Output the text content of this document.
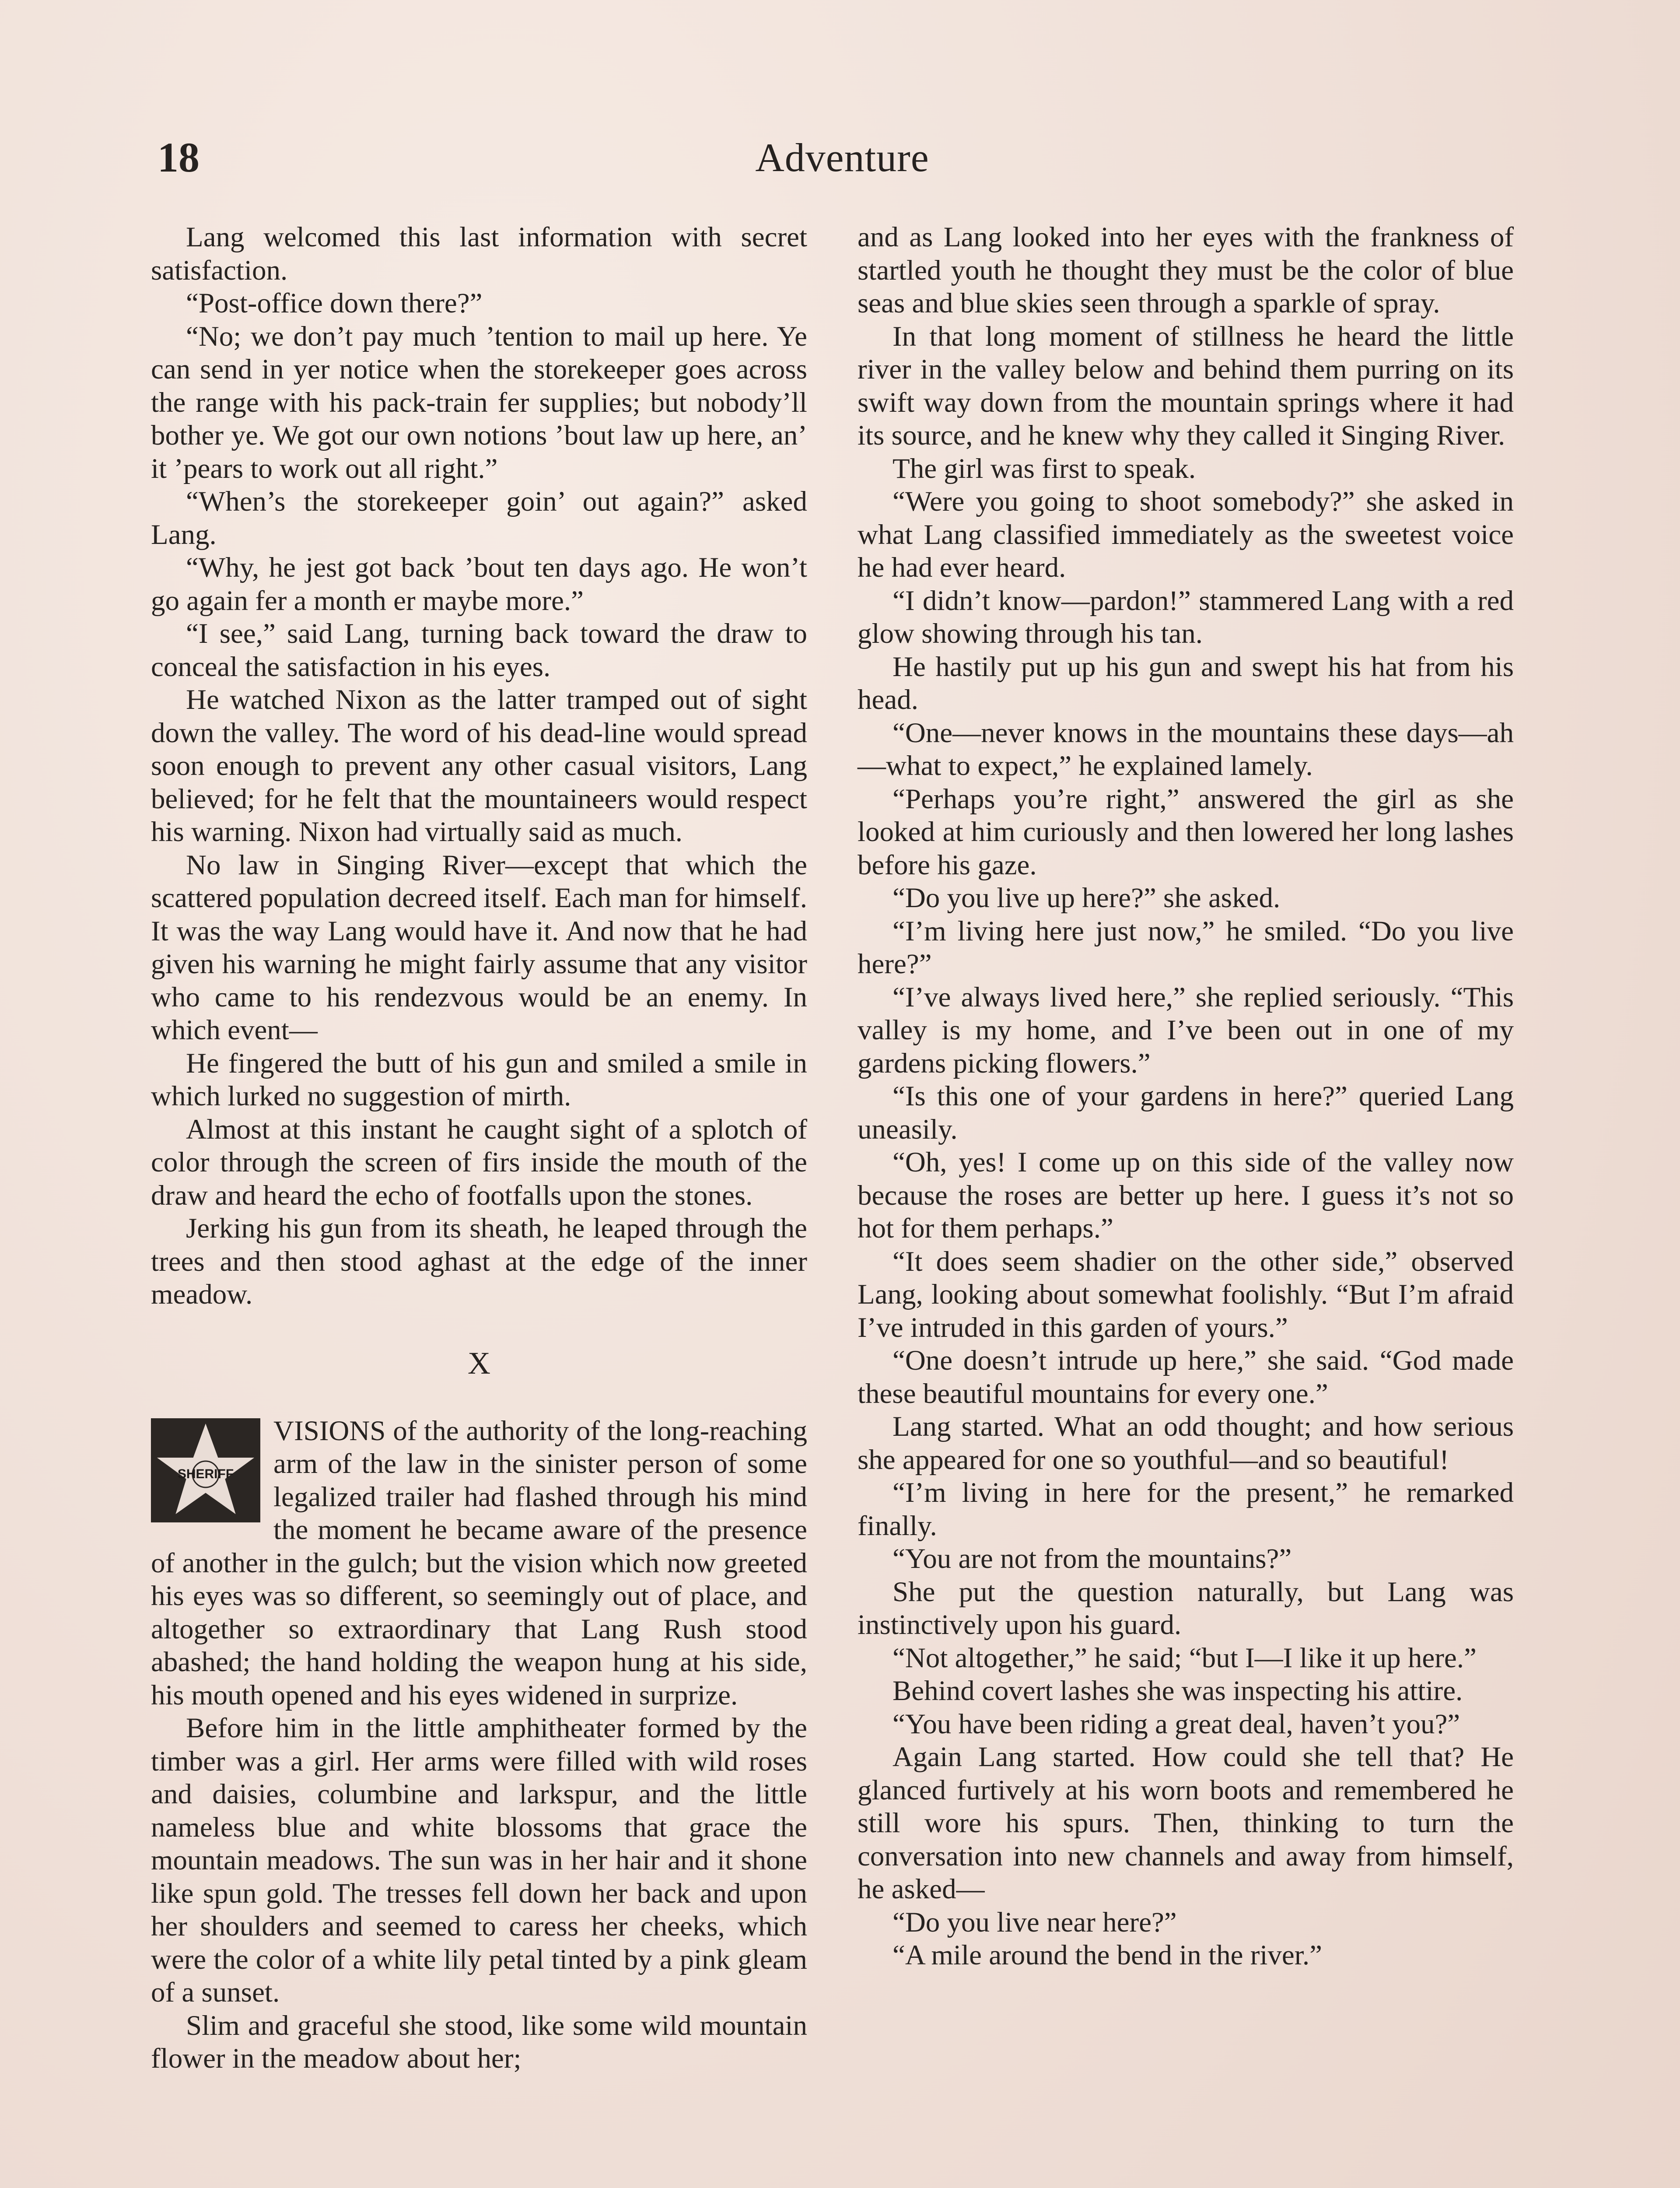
18	Adventure

Lang welcomed this last information with secret satisfaction.

“Post-office down there?”

“No; we don’t pay much ’tention to mail up here. Ye can send in yer notice when the storekeeper goes across the range with his pack-train fer supplies; but nobody’ll bother ye. We got our own notions ’bout law up here, an’ it ’pears to work out all right.”

“When’s the storekeeper goin’ out again?” asked Lang.

“Why, he jest got back ’bout ten days ago. He won’t go again fer a month er maybe more.”

“I see,” said Lang, turning back toward the draw to conceal the satisfaction in his eyes.

He watched Nixon as the latter tramped out of sight down the valley. The word of his dead-line would spread soon enough to prevent any other casual visitors, Lang believed; for he felt that the mountaineers would respect his warning. Nixon had virtually said as much.

No law in Singing River—except that which the scattered population decreed itself. Each man for himself. It was the way Lang would have it. And now that he had given his warning he might fairly assume that any visitor who came to his rendezvous would be an enemy. In which event—

He fingered the butt of his gun and smiled a smile in which lurked no suggestion of mirth.

Almost at this instant he caught sight of a splotch of color through the screen of firs inside the mouth of the draw and heard the echo of footfalls upon the stones.

Jerking his gun from its sheath, he leaped through the trees and then stood aghast at the edge of the inner meadow.

X

SHERIFF
VISIONS of the authority of the long-reaching arm of the law in the sinister person of some legalized trailer had flashed through his mind the moment he became aware of the presence of another in the gulch; but the vision which now greeted his eyes was so different, so seemingly out of place, and altogether so extraordinary that Lang Rush stood abashed; the hand holding the weapon hung at his side, his mouth opened and his eyes widened in surprize.

Before him in the little amphitheater formed by the timber was a girl. Her arms were filled with wild roses and daisies, columbine and larkspur, and the little nameless blue and white blossoms that grace the mountain meadows. The sun was in her hair and it shone like spun gold. The tresses fell down her back and upon her shoulders and seemed to caress her cheeks, which were the color of a white lily petal tinted by a pink gleam of a sunset.

Slim and graceful she stood, like some wild mountain flower in the meadow about her;

and as Lang looked into her eyes with the frankness of startled youth he thought they must be the color of blue seas and blue skies seen through a sparkle of spray.

In that long moment of stillness he heard the little river in the valley below and behind them purring on its swift way down from the mountain springs where it had its source, and he knew why they called it Singing River.

The girl was first to speak.

“Were you going to shoot somebody?” she asked in what Lang classified immediately as the sweetest voice he had ever heard.

“I didn’t know—pardon!” stammered Lang with a red glow showing through his tan.

He hastily put up his gun and swept his hat from his head.

“One—never knows in the mountains these days—ah—what to expect,” he explained lamely.

“Perhaps you’re right,” answered the girl as she looked at him curiously and then lowered her long lashes before his gaze.

“Do you live up here?” she asked.

“I’m living here just now,” he smiled. “Do you live here?”

“I’ve always lived here,” she replied seriously. “This valley is my home, and I’ve been out in one of my gardens picking flowers.”

“Is this one of your gardens in here?” queried Lang uneasily.

“Oh, yes! I come up on this side of the valley now because the roses are better up here. I guess it’s not so hot for them perhaps.”

“It does seem shadier on the other side,” observed Lang, looking about somewhat foolishly. “But I’m afraid I’ve intruded in this garden of yours.”

“One doesn’t intrude up here,” she said. “God made these beautiful mountains for every one.”

Lang started. What an odd thought; and how serious she appeared for one so youthful—and so beautiful!

“I’m living in here for the present,” he remarked finally.

“You are not from the mountains?”

She put the question naturally, but Lang was instinctively upon his guard.

“Not altogether,” he said; “but I—I like it up here.”

Behind covert lashes she was inspecting his attire.

“You have been riding a great deal, haven’t you?”

Again Lang started. How could she tell that? He glanced furtively at his worn boots and remembered he still wore his spurs. Then, thinking to turn the conversation into new channels and away from himself, he asked—

“Do you live near here?”

“A mile around the bend in the river.”
